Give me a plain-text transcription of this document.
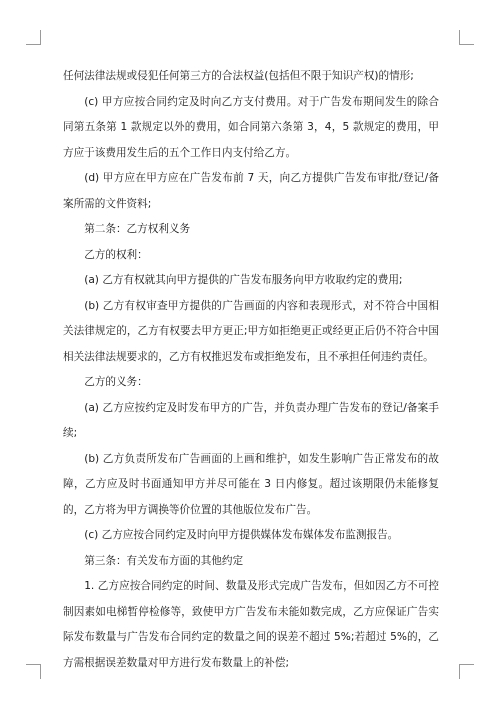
任何法律法规或侵犯任何第三方的合法权益(包括但不限于知识产权)的情形;

(c) 甲方应按合同约定及时向乙方支付费用。对于广告发布期间发生的除合同第五条第 1 款规定以外的费用，如合同第六条第 3，4，5 款规定的费用，甲方应于该费用发生后的五个工作日内支付给乙方。

(d) 甲方应在甲方应在广告发布前 7 天，向乙方提供广告发布审批/登记/备案所需的文件资料;

第二条：乙方权利义务

乙方的权利：

(a) 乙方有权就其向甲方提供的广告发布服务向甲方收取约定的费用;

(b) 乙方有权审查甲方提供的广告画面的内容和表现形式，对不符合中国相关法律规定的，乙方有权要去甲方更正;甲方如拒绝更正或经更正后仍不符合中国相关法律法规要求的，乙方有权推迟发布或拒绝发布，且不承担任何违约责任。

乙方的义务：

(a) 乙方应按约定及时发布甲方的广告，并负责办理广告发布的登记/备案手续;

(b) 乙方负责所发布广告画面的上画和维护，如发生影响广告正常发布的故障，乙方应及时书面通知甲方并尽可能在 3 日内修复。超过该期限仍未能修复的，乙方将为甲方调换等价位置的其他版位发布广告。

(c) 乙方应按合同约定及时向甲方提供媒体发布媒体发布监测报告。

第三条：有关发布方面的其他约定

1. 乙方应按合同约定的时间、数量及形式完成广告发布，但如因乙方不可控制因素如电梯暂停检修等，致使甲方广告发布未能如数完成，乙方应保证广告实际发布数量与广告发布合同约定的数量之间的误差不超过 5%;若超过 5%的，乙方需根据误差数量对甲方进行发布数量上的补偿;
